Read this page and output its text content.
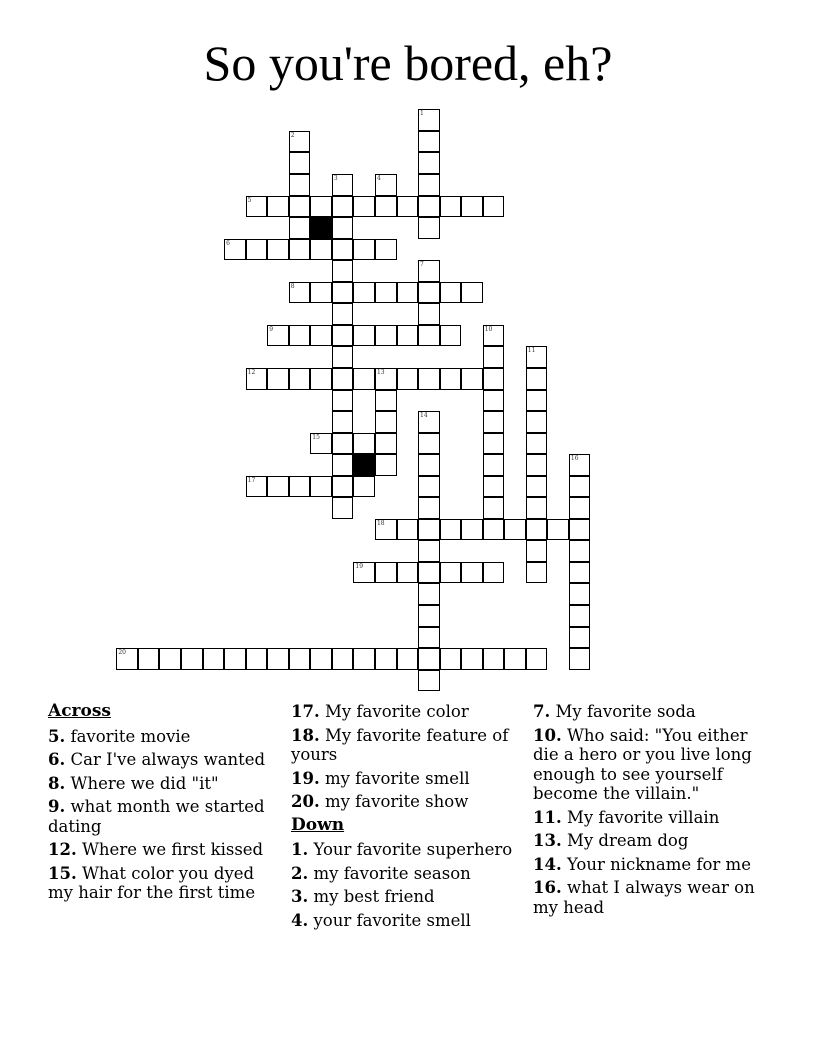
So you're bored, eh?
1
2
3	4
5
6
7
8
9	10
11
12	13
14
15
16
17
18
19
20
Across
5. favorite movie
6. Car I've always wanted
8. Where we did "it"
9. what month we started dating
12. Where we first kissed
15. What color you dyed my hair for the first time
17. My favorite color
18. My favorite feature of yours
19. my favorite smell
20. my favorite show
Down
1. Your favorite superhero
2. my favorite season
3. my best friend
4. your favorite smell
7. My favorite soda
10. Who said: "You either die a hero or you live long enough to see yourself become the villain."
11. My favorite villain
13. My dream dog
14. Your nickname for me
16. what I always wear on my head
